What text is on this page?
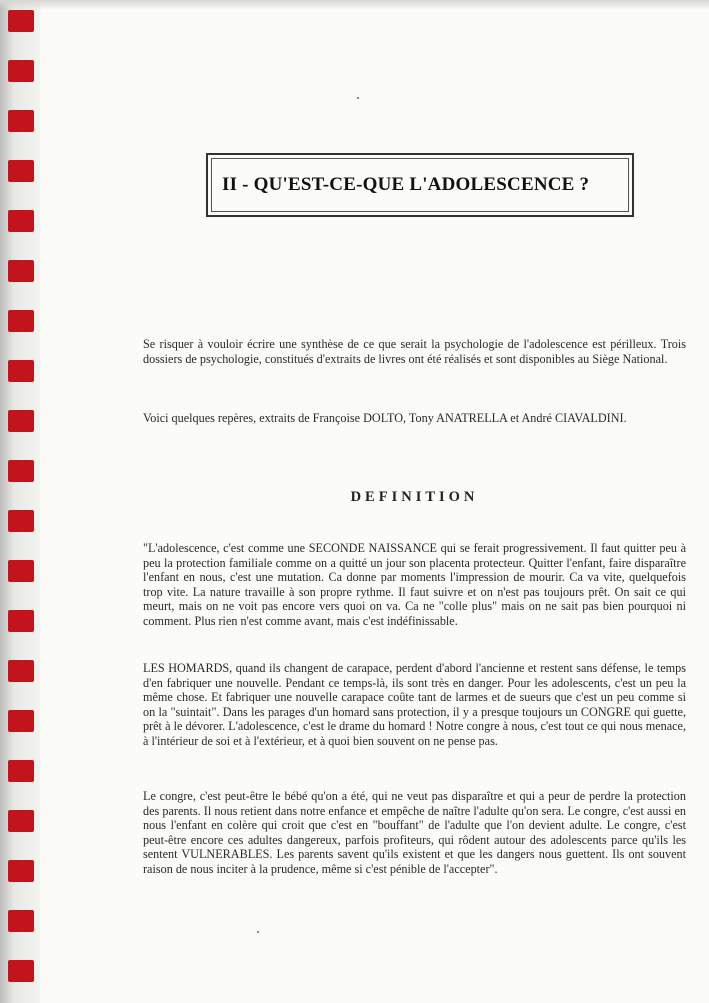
II - QU'EST-CE-QUE L'ADOLESCENCE ?
Se risquer à vouloir écrire une synthèse de ce que serait la psychologie de l'adolescence est périlleux. Trois dossiers de psychologie, constitués d'extraits de livres ont été réalisés et sont disponibles au Siège National.
Voici quelques repères, extraits de Françoise DOLTO, Tony ANATRELLA et André CIAVALDINI.
DEFINITION
"L'adolescence, c'est comme une SECONDE NAISSANCE qui se ferait progressivement. Il faut quitter peu à peu la protection familiale comme on a quitté un jour son placenta protecteur. Quitter l'enfant, faire disparaître l'enfant en nous, c'est une mutation. Ca donne par moments l'impression de mourir. Ca va vite, quelquefois trop vite. La nature travaille à son propre rythme. Il faut suivre et on n'est pas toujours prêt. On sait ce qui meurt, mais on ne voit pas encore vers quoi on va. Ca ne "colle plus" mais on ne sait pas bien pourquoi ni comment. Plus rien n'est comme avant, mais c'est indéfinissable.
LES HOMARDS, quand ils changent de carapace, perdent d'abord l'ancienne et restent sans défense, le temps d'en fabriquer une nouvelle. Pendant ce temps-là, ils sont très en danger. Pour les adolescents, c'est un peu la même chose. Et fabriquer une nouvelle carapace coûte tant de larmes et de sueurs que c'est un peu comme si on la "suintait". Dans les parages d'un homard sans protection, il y a presque toujours un CONGRE qui guette, prêt à le dévorer. L'adolescence, c'est le drame du homard ! Notre congre à nous, c'est tout ce qui nous menace, à l'intérieur de soi et à l'extérieur, et à quoi bien souvent on ne pense pas.
Le congre, c'est peut-être le bébé qu'on a été, qui ne veut pas disparaître et qui a peur de perdre la protection des parents. Il nous retient dans notre enfance et empêche de naître l'adulte qu'on sera. Le congre, c'est aussi en nous l'enfant en colère qui croit que c'est en "bouffant" de l'adulte que l'on devient adulte. Le congre, c'est peut-être encore ces adultes dangereux, parfois profiteurs, qui rôdent autour des adolescents parce qu'ils les sentent VULNERABLES. Les parents savent qu'ils existent et que les dangers nous guettent. Ils ont souvent raison de nous inciter à la prudence, même si c'est pénible de l'accepter".
